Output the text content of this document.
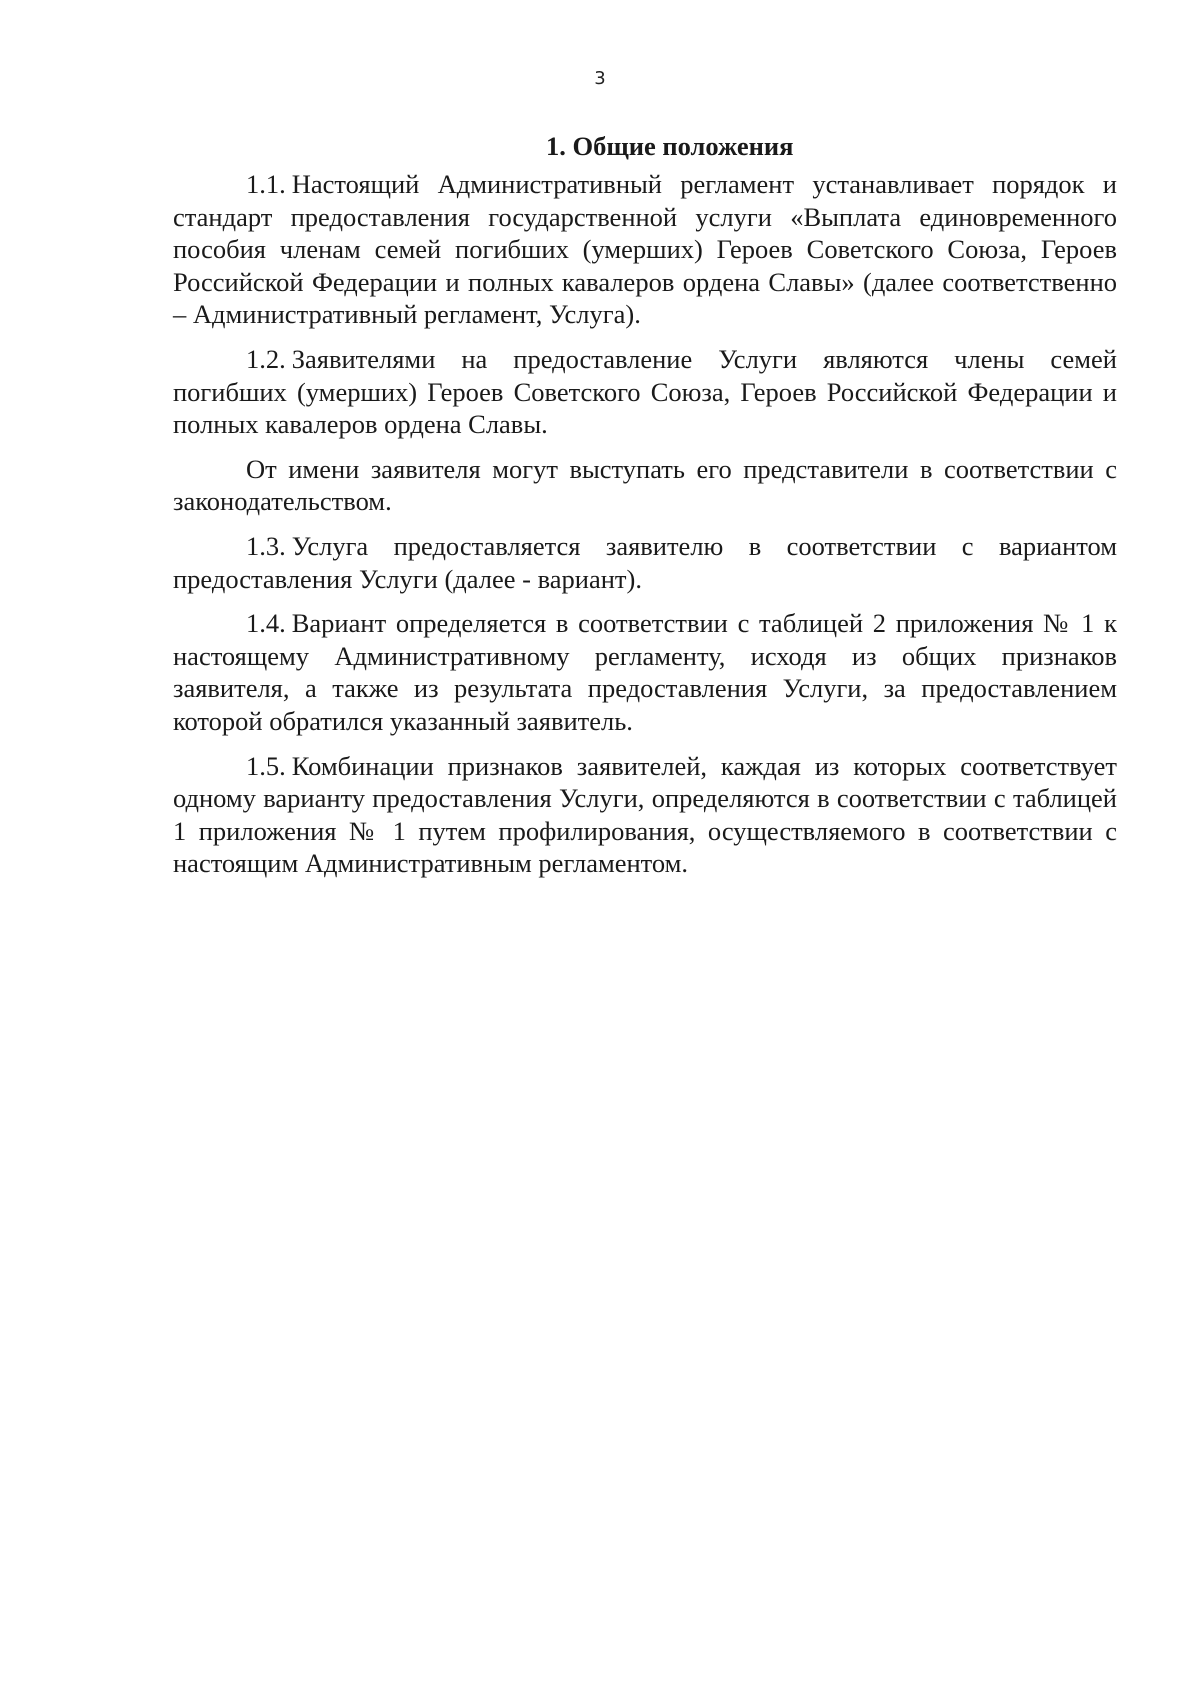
3
1. Общие положения

1.1. Настоящий Административный регламент устанавливает порядок и стандарт предоставления государственной услуги «Выплата единовременного пособия членам семей погибших (умерших) Героев Советского Союза, Героев Российской Федерации и полных кавалеров ордена Славы» (далее соответственно – Административный регламент, Услуга).

1.2. Заявителями на предоставление Услуги являются члены семей погибших (умерших) Героев Советского Союза, Героев Российской Федерации и полных кавалеров ордена Славы.

От имени заявителя могут выступать его представители в соответствии с законодательством.

1.3. Услуга предоставляется заявителю в соответствии с вариантом предоставления Услуги (далее - вариант).

1.4. Вариант определяется в соответствии с таблицей 2 приложения № 1 к настоящему Административному регламенту, исходя из общих признаков заявителя, а также из результата предоставления Услуги, за предоставлением которой обратился указанный заявитель.

1.5. Комбинации признаков заявителей, каждая из которых соответствует одному варианту предоставления Услуги, определяются в соответствии с таблицей 1 приложения № 1 путем профилирования, осуществляемого в соответствии с настоящим Административным регламентом.
